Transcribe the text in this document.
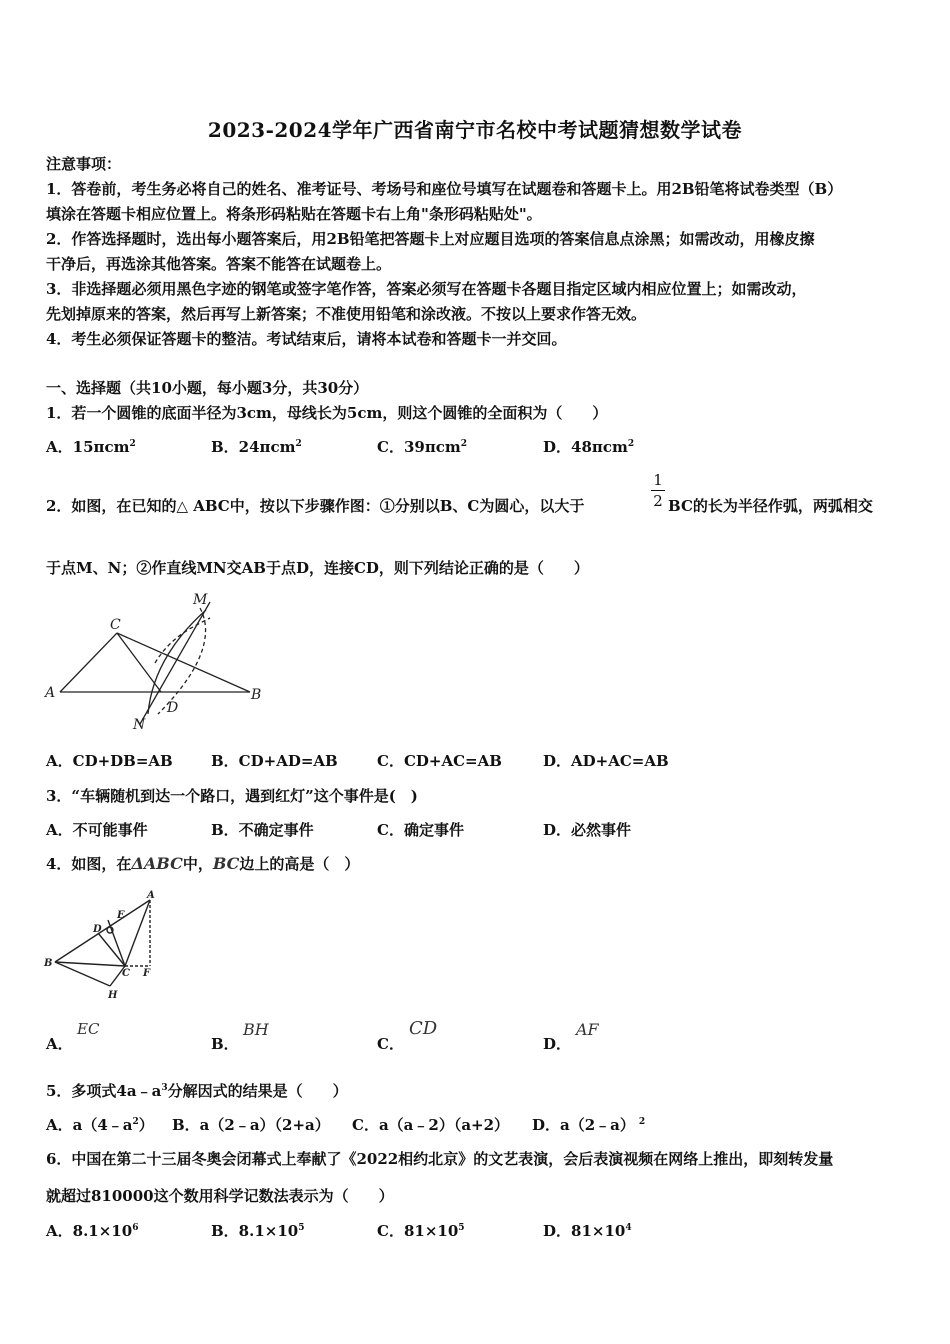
2023-2024学年广西省南宁市名校中考试题猜想数学试卷
注意事项：
1．答卷前，考生务必将自己的姓名、准考证号、考场号和座位号填写在试题卷和答题卡上。用2B铅笔将试卷类型（B）
填涂在答题卡相应位置上。将条形码粘贴在答题卡右上角"条形码粘贴处"。
2．作答选择题时，选出每小题答案后，用2B铅笔把答题卡上对应题目选项的答案信息点涂黑；如需改动，用橡皮擦
干净后，再选涂其他答案。答案不能答在试题卷上。
3．非选择题必须用黑色字迹的钢笔或签字笔作答，答案必须写在答题卡各题目指定区域内相应位置上；如需改动，
先划掉原来的答案，然后再写上新答案；不准使用铅笔和涂改液。不按以上要求作答无效。
4．考生必须保证答题卡的整洁。考试结束后，请将本试卷和答题卡一并交回。
一、选择题（共10小题，每小题3分，共30分）
1．若一个圆锥的底面半径为3cm，母线长为5cm，则这个圆锥的全面积为（　　）
A．15πcm$^2$	B．24πcm$^2$	C．39πcm$^2$	D．48πcm$^2$
2．如图，在已知的△ ABC中，按以下步骤作图：①分别以B、C为圆心，以大于
1
2 BC的长为半径作弧，两弧相交
于点M、N；②作直线MN交AB于点D，连接CD，则下列结论正确的是（　　）
A	B
C
D
M
N
A．CD+DB=AB	B．CD+AD=AB	C．CD+AC=AB	D．AD+AC=AB
3．“车辆随机到达一个路口，遇到红灯”这个事件是(　)
A．不可能事件	B．不确定事件	C．确定事件	D．必然事件
4．如图，在ΔABC中，BC边上的高是（　）
A
B
C
D
E
F
H
A．
EC
B．
BH
C．
CD
D．
AF
5．多项式$4a﹣a^3$分解因式的结果是（　　）
A．$a(4﹣a^2)$ B．a（2﹣a）（2+a） C．a（a﹣2）（a+2） D．a（2﹣a） $^2$
6．中国在第二十三届冬奥会闭幕式上奉献了《2022相约北京》的文艺表演，会后表演视频在网络上推出，即刻转发量
就超过810000这个数用科学记数法表示为（　　）
A．$8.1\times 10^6$	B．$8.1\times 10^5$	C．$81\times 10^5$	D．$81\times 10^4$
